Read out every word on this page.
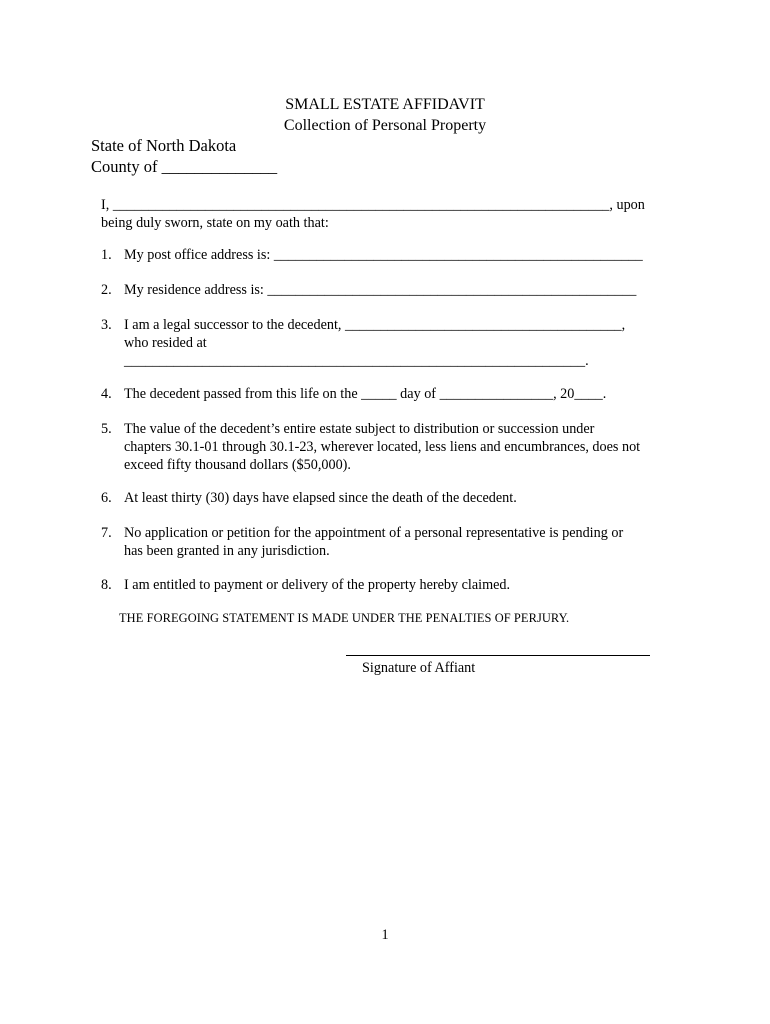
SMALL ESTATE AFFIDAVIT
Collection of Personal Property
State of North Dakota
County of ______________
I, ______________________________________________________________________, upon
being duly sworn, state on my oath that:
1. My post office address is: ____________________________________________________
2. My residence address is: ____________________________________________________
3. I am a legal successor to the decedent, _______________________________________,
who resided at
_________________________________________________________________.
4. The decedent passed from this life on the _____ day of ________________, 20____.
5. The value of the decedent’s entire estate subject to distribution or succession under
chapters 30.1-01 through 30.1-23, wherever located, less liens and encumbrances, does not
exceed fifty thousand dollars ($50,000).
6. At least thirty (30) days have elapsed since the death of the decedent.
7. No application or petition for the appointment of a personal representative is pending or
has been granted in any jurisdiction.
8. I am entitled to payment or delivery of the property hereby claimed.
THE FOREGOING STATEMENT IS MADE UNDER THE PENALTIES OF PERJURY.
Signature of Affiant
1
